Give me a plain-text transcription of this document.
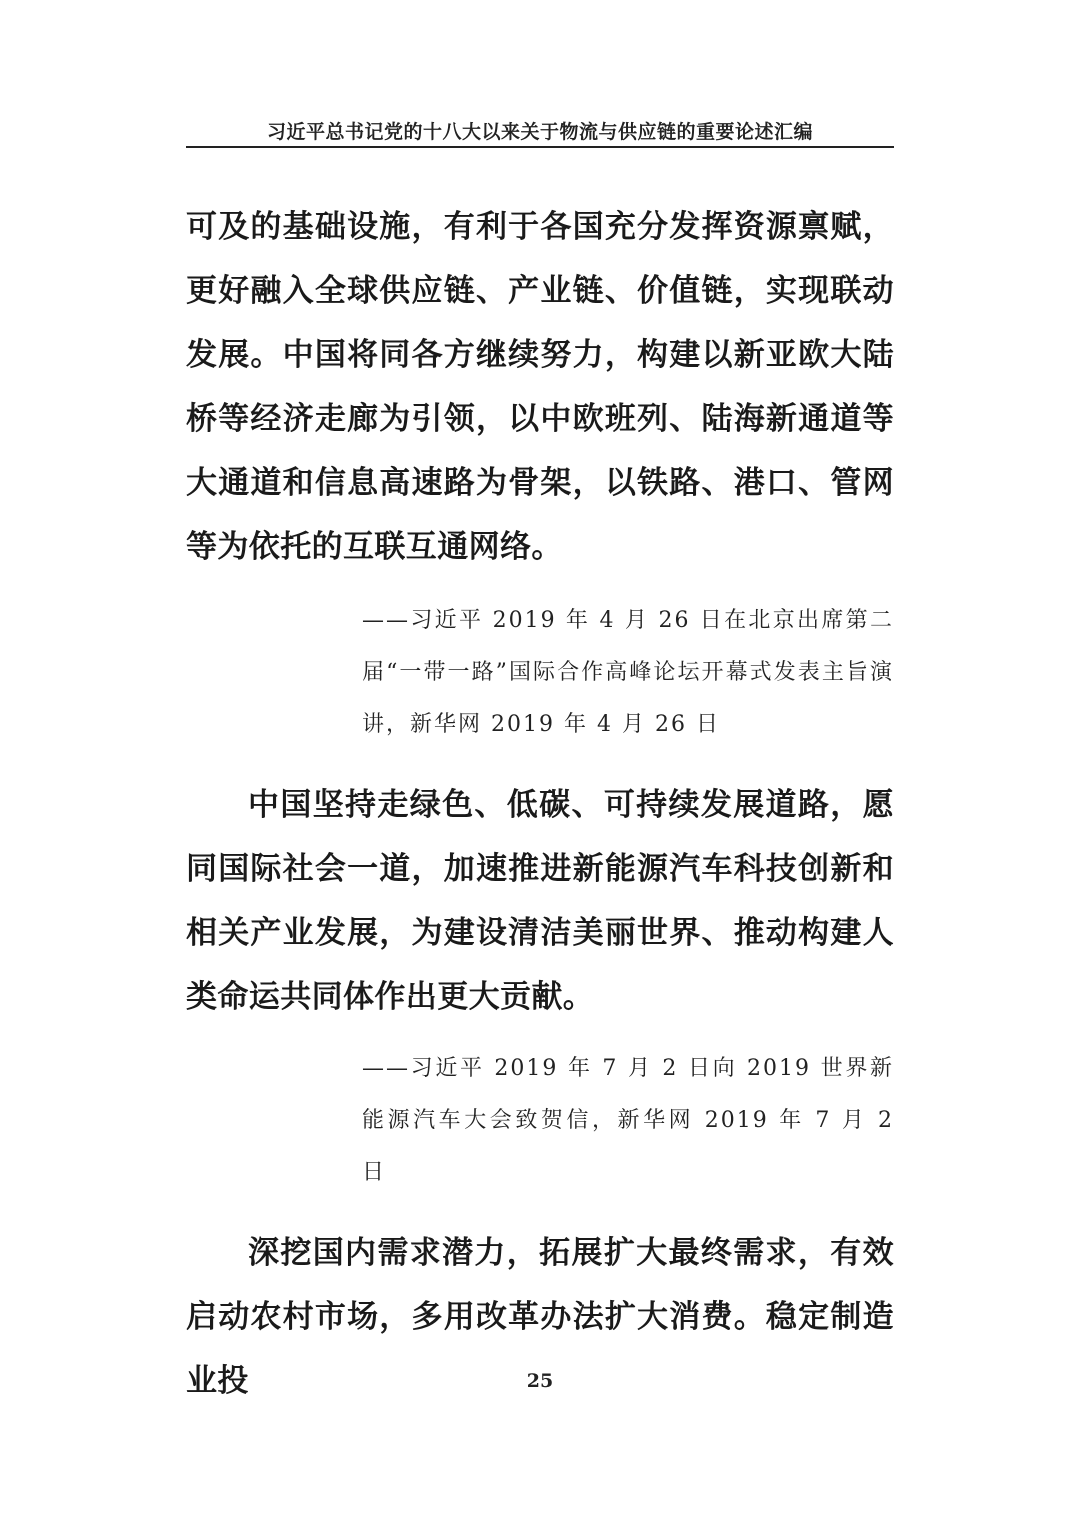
习近平总书记党的十八大以来关于物流与供应链的重要论述汇编

可及的基础设施，有利于各国充分发挥资源禀赋，更好融入全球供应链、产业链、价值链，实现联动发展。中国将同各方继续努力，构建以新亚欧大陆桥等经济走廊为引领，以中欧班列、陆海新通道等大通道和信息高速路为骨架，以铁路、港口、管网等为依托的互联互通网络。

——习近平 2019 年 4 月 26 日在北京出席第二届“一带一路”国际合作高峰论坛开幕式发表主旨演讲，新华网 2019 年 4 月 26 日

中国坚持走绿色、低碳、可持续发展道路，愿同国际社会一道，加速推进新能源汽车科技创新和相关产业发展，为建设清洁美丽世界、推动构建人类命运共同体作出更大贡献。

——习近平 2019 年 7 月 2 日向 2019 世界新能源汽车大会致贺信，新华网 2019 年 7 月 2 日

深挖国内需求潜力，拓展扩大最终需求，有效启动农村市场，多用改革办法扩大消费。稳定制造业投	25
